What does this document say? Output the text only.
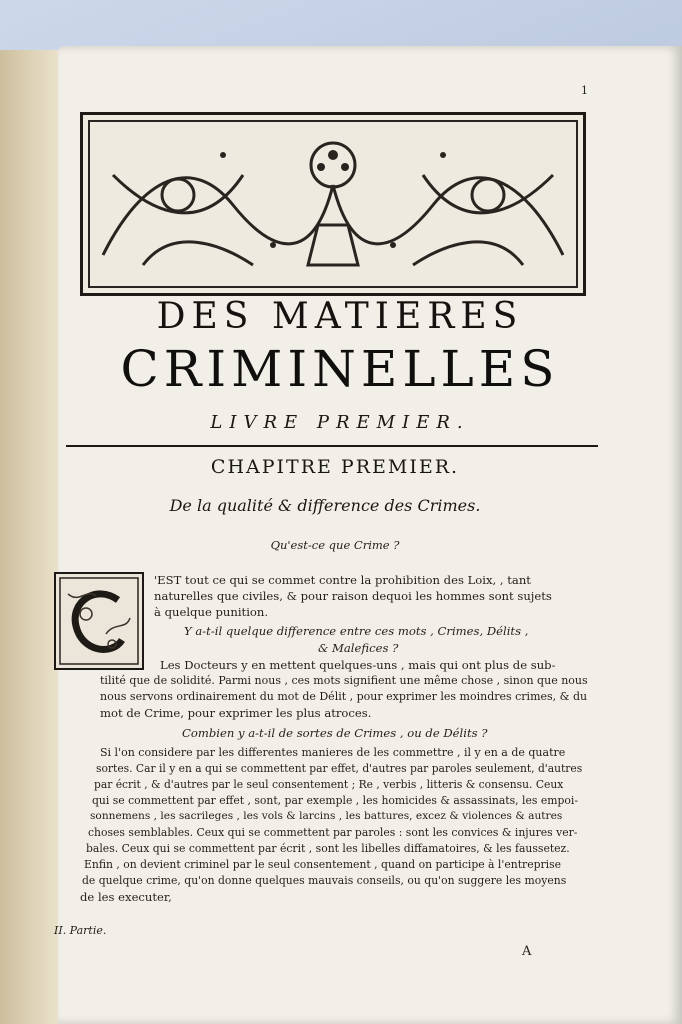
1
DES MATIERES
CRIMINELLES
LIVRE PREMIER.
CHAPITRE PREMIER.
De la qualité & difference des Crimes.
Qu'est-ce que Crime ?
'EST tout ce qui se commet contre la prohibition des Loix, , tant
naturelles que civiles, & pour raison dequoi les hommes sont sujets
à quelque punition.
Y a-t-il quelque difference entre ces mots , Crimes, Délits ,
& Malefices ?
Les Docteurs y en mettent quelques-uns , mais qui ont plus de sub-
tilité que de solidité. Parmi nous , ces mots signifient une même chose , sinon que nous
nous servons ordinairement du mot de Délit , pour exprimer les moindres crimes, & du
mot de Crime, pour exprimer les plus atroces.
Combien y a-t-il de sortes de Crimes , ou de Délits ?
Si l'on considere par les differentes manieres de les commettre , il y en a de quatre
sortes. Car il y en a qui se commettent par effet, d'autres par paroles seulement, d'autres
par écrit , & d'autres par le seul consentement ; Re , verbis , litteris & consensu. Ceux
qui se commettent par effet , sont, par exemple , les homicides & assassinats, les empoi-
sonnemens , les sacrileges , les vols & larcins , les battures, excez & violences & autres
choses semblables. Ceux qui se commettent par paroles : sont les convices & injures ver-
bales. Ceux qui se commettent par écrit , sont les libelles diffamatoires, & les faussetez.
Enfin , on devient criminel par le seul consentement , quand on participe à l'entreprise
de quelque crime, qu'on donne quelques mauvais conseils, ou qu'on suggere les moyens
de les executer,
II. Partie.
A
